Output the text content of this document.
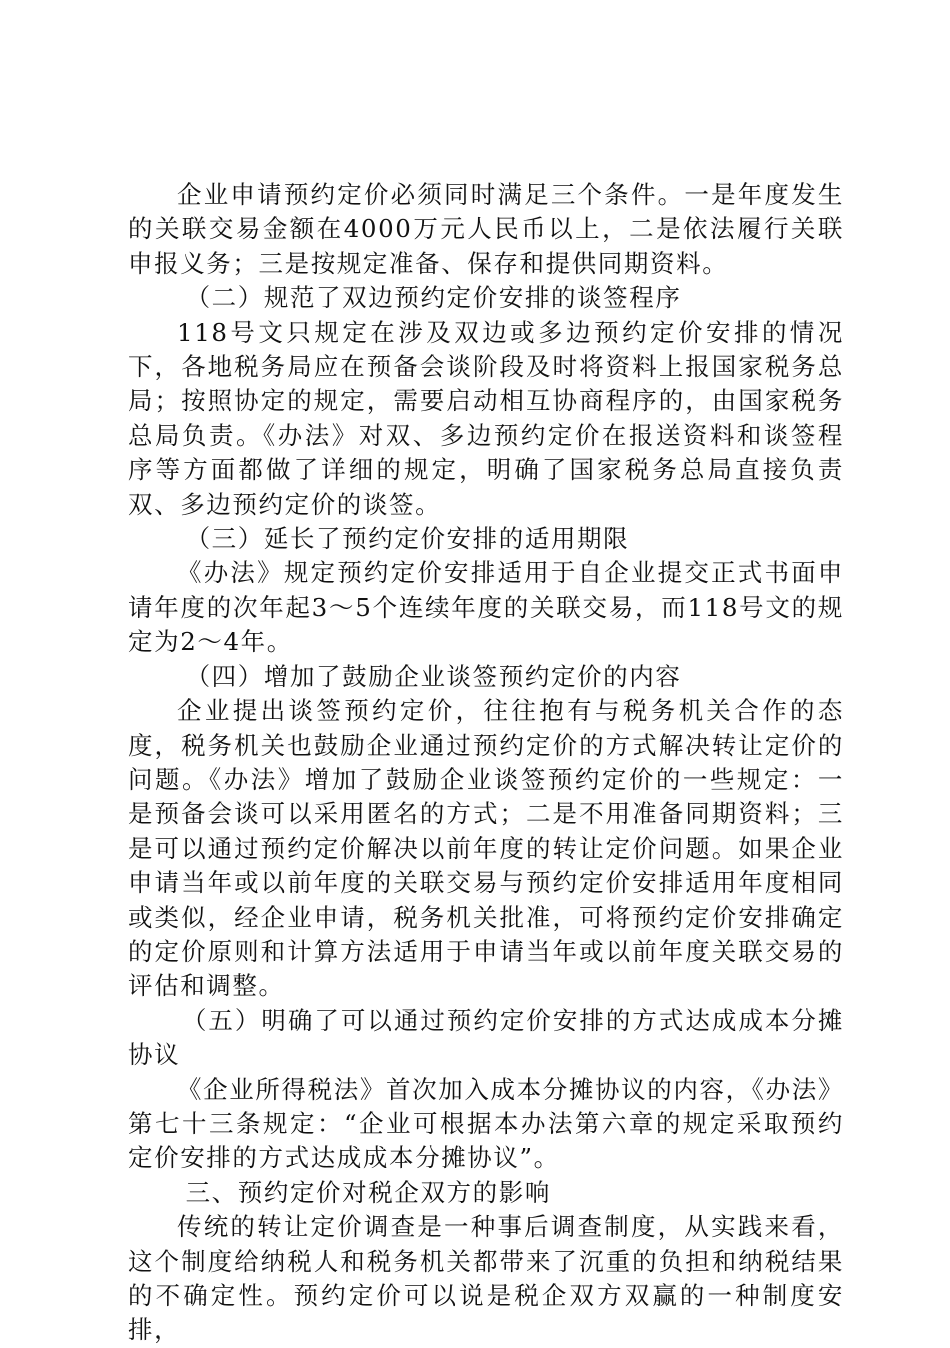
企业申请预约定价必须同时满足三个条件。一是年度发生的关联交易金额在4000万元人民币以上，二是依法履行关联申报义务；三是按规定准备、保存和提供同期资料。

（二）规范了双边预约定价安排的谈签程序

118号文只规定在涉及双边或多边预约定价安排的情况下，各地税务局应在预备会谈阶段及时将资料上报国家税务总局；按照协定的规定，需要启动相互协商程序的，由国家税务总局负责。《办法》对双、多边预约定价在报送资料和谈签程序等方面都做了详细的规定，明确了国家税务总局直接负责双、多边预约定价的谈签。

（三）延长了预约定价安排的适用期限

《办法》规定预约定价安排适用于自企业提交正式书面申请年度的次年起3～5个连续年度的关联交易，而118号文的规定为2～4年。

（四）增加了鼓励企业谈签预约定价的内容

企业提出谈签预约定价，往往抱有与税务机关合作的态度，税务机关也鼓励企业通过预约定价的方式解决转让定价的问题。《办法》增加了鼓励企业谈签预约定价的一些规定：一是预备会谈可以采用匿名的方式；二是不用准备同期资料；三是可以通过预约定价解决以前年度的转让定价问题。如果企业申请当年或以前年度的关联交易与预约定价安排适用年度相同或类似，经企业申请，税务机关批准，可将预约定价安排确定的定价原则和计算方法适用于申请当年或以前年度关联交易的评估和调整。

（五）明确了可以通过预约定价安排的方式达成成本分摊协议

《企业所得税法》首次加入成本分摊协议的内容，《办法》第七十三条规定：“企业可根据本办法第六章的规定采取预约定价安排的方式达成成本分摊协议”。

三、预约定价对税企双方的影响

传统的转让定价调查是一种事后调查制度，从实践来看，这个制度给纳税人和税务机关都带来了沉重的负担和纳税结果的不确定性。预约定价可以说是税企双方双赢的一种制度安排，
